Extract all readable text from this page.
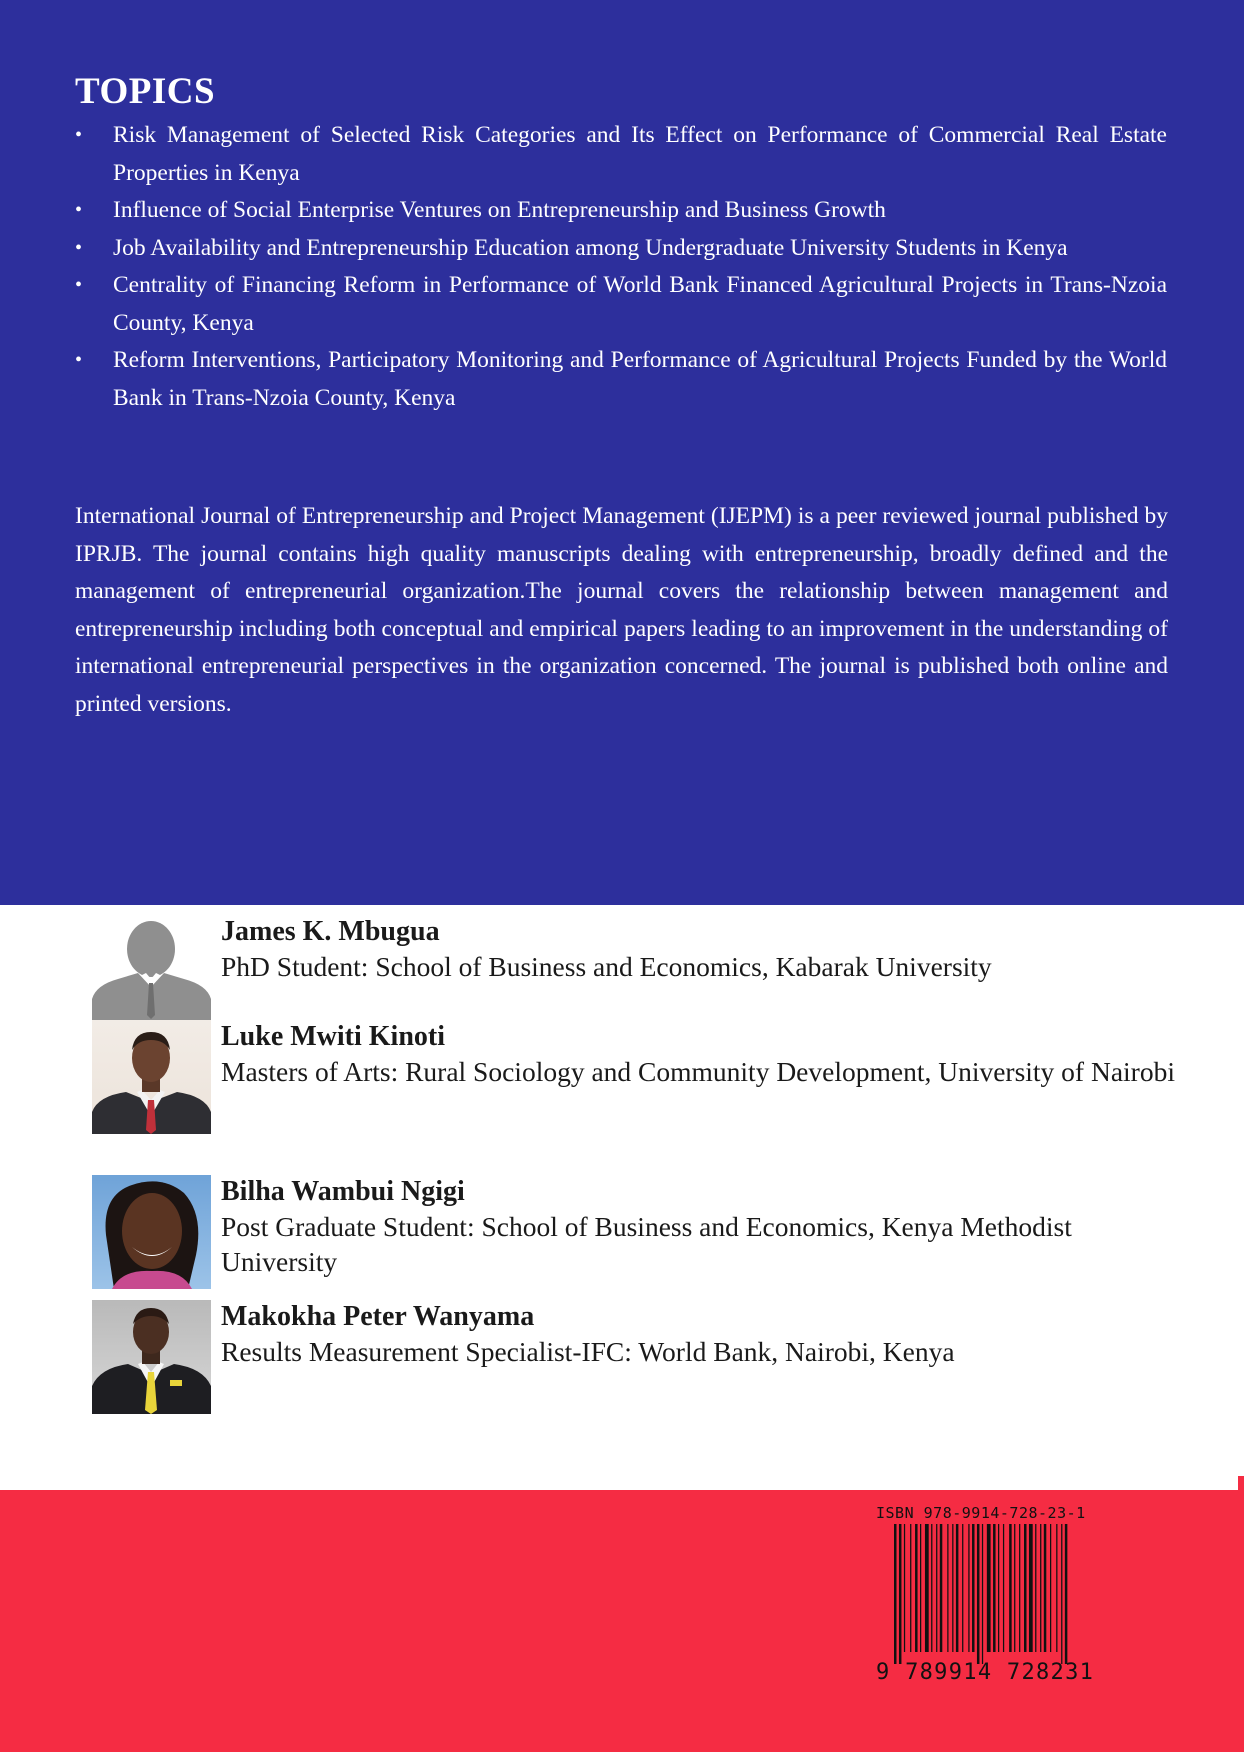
TOPICS
• Risk Management of Selected Risk Categories and Its Effect on Performance of Commercial Real Estate Properties in Kenya
• Influence of Social Enterprise Ventures on Entrepreneurship and Business Growth
• Job Availability and Entrepreneurship Education among Undergraduate University Students in Kenya
• Centrality of Financing Reform in Performance of World Bank Financed Agricultural Projects in Trans-Nzoia County, Kenya
• Reform Interventions, Participatory Monitoring and Performance of Agricultural Projects Funded by the World Bank in Trans-Nzoia County, Kenya

International Journal of Entrepreneurship and Project Management (IJEPM) is a peer reviewed journal published by IPRJB. The journal contains high quality manuscripts dealing with entrepreneurship, broadly defined and the management of entrepreneurial organization.The journal covers the relationship between management and entrepreneurship including both conceptual and empirical papers leading to an improvement in the understanding of international entrepreneurial perspectives in the organization concerned. The journal is published both online and printed versions.

James K. Mbugua

PhD Student: School of Business and Economics, Kabarak University

Luke Mwiti Kinoti

Masters of Arts: Rural Sociology and Community Development, University of Nairobi

Bilha Wambui Ngigi

Post Graduate Student: School of Business and Economics, Kenya Methodist University

Makokha Peter Wanyama

Results Measurement Specialist-IFC: World Bank, Nairobi, Kenya

ISBN 978-9914-728-23-1
9 789914 728231
